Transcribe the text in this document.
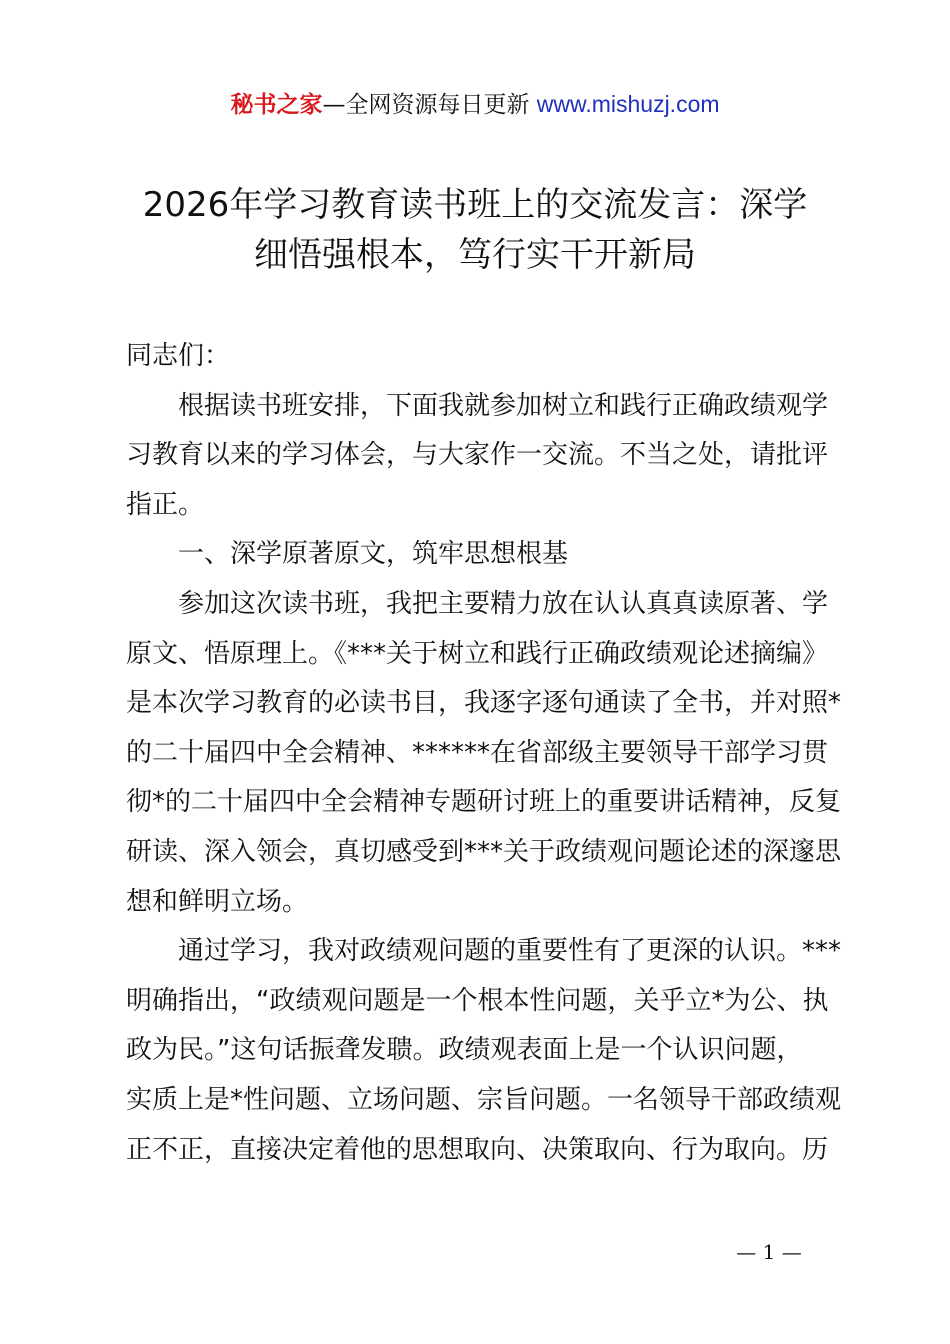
秘书之家—全网资源每日更新 www.mishuzj.com
2026年学习教育读书班上的交流发言：深学
细悟强根本，笃行实干开新局

同志们：

根据读书班安排，下面我就参加树立和践行正确政绩观学
习教育以来的学习体会，与大家作一交流。不当之处，请批评
指正。

一、深学原著原文，筑牢思想根基

参加这次读书班，我把主要精力放在认认真真读原著、学
原文、悟原理上。《***关于树立和践行正确政绩观论述摘编》
是本次学习教育的必读书目，我逐字逐句通读了全书，并对照*
的二十届四中全会精神、******在省部级主要领导干部学习贯
彻*的二十届四中全会精神专题研讨班上的重要讲话精神，反复
研读、深入领会，真切感受到***关于政绩观问题论述的深邃思
想和鲜明立场。

通过学习，我对政绩观问题的重要性有了更深的认识。***
明确指出，“政绩观问题是一个根本性问题，关乎立*为公、执
政为民。”这句话振聋发聩。政绩观表面上是一个认识问题，
实质上是*性问题、立场问题、宗旨问题。一名领导干部政绩观
正不正，直接决定着他的思想取向、决策取向、行为取向。历

— 1 —
